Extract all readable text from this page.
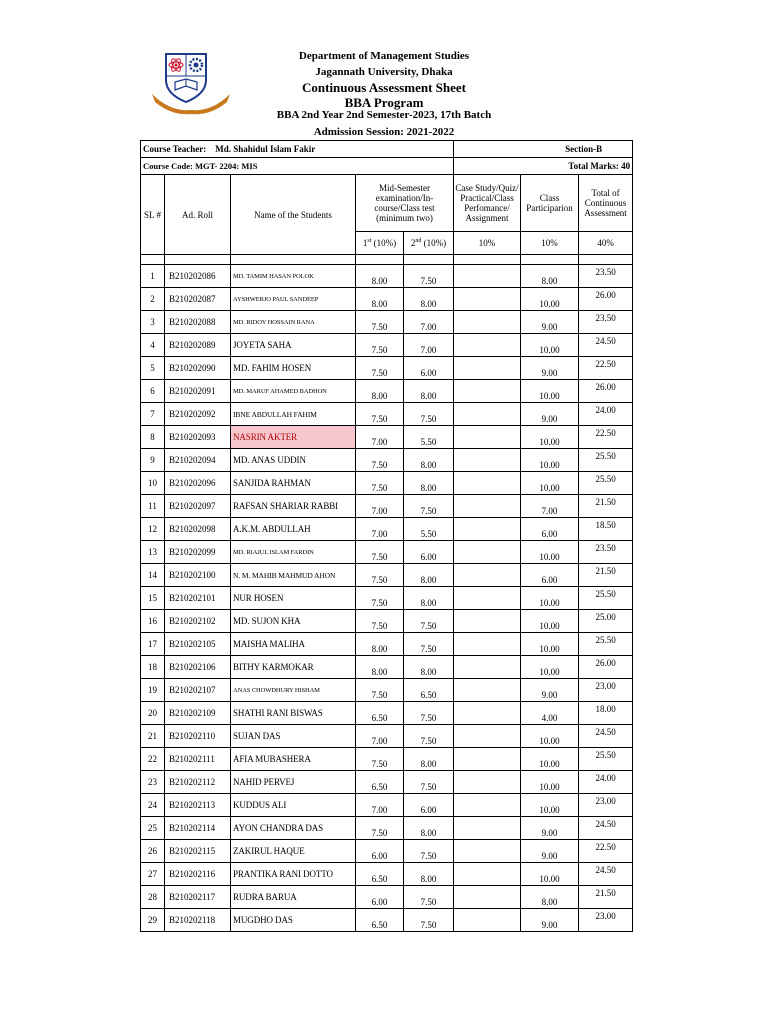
Department of Management Studies
Jagannath University, Dhaka
Continuous Assessment Sheet
BBA Program
BBA 2nd Year 2nd Semester-2023, 17th Batch
Admission Session: 2021-2022
Course Teacher: Md. Shahidul Islam Fakir					Section-B		
Course Code: MGT- 2204: MIS					Total Marks: 40		
SL #	Ad. Roll	Name of the Students	Mid-Semester examination/In-course/Class test (minimum two)		Case Study/Quiz/ Practical/Class Perfomance/ Assignment	Class Participarion	Total of Continuous Assessment
			1st (10%)	2nd (10%)	10%	10%	40%

1	B210202086	MD. TAMIM HASAN POLOK	8.00	7.50		8.00	23.50
2	B210202087	AYSHWERJO PAUL SANDEEP	8.00	8.00		10.00	26.00
3	B210202088	MD. RIDOY HOSSAIN RANA	7.50	7.00		9.00	23.50
4	B210202089	JOYETA SAHA	7.50	7.00		10.00	24.50
5	B210202090	MD. FAHIM HOSEN	7.50	6.00		9.00	22.50
6	B210202091	MD. MARUF AHAMED BADHON	8.00	8.00		10.00	26.00
7	B210202092	IBNE ABDULLAH FAHIM	7.50	7.50		9.00	24.00
8	B210202093	NASRIN AKTER	7.00	5.50		10.00	22.50
9	B210202094	MD. ANAS UDDIN	7.50	8.00		10.00	25.50
10	B210202096	SANJIDA RAHMAN	7.50	8.00		10.00	25.50
11	B210202097	RAFSAN SHARIAR RABBI	7.00	7.50		7.00	21.50
12	B210202098	A.K.M. ABDULLAH	7.00	5.50		6.00	18.50
13	B210202099	MD. RIAJUL ISLAM FARDIN	7.50	6.00		10.00	23.50
14	B210202100	N. M. MAHIB MAHMUD AHON	7.50	8.00		6.00	21.50
15	B210202101	NUR HOSEN	7.50	8.00		10.00	25.50
16	B210202102	MD. SUJON KHA	7.50	7.50		10.00	25.00
17	B210202105	MAISHA MALIHA	8.00	7.50		10.00	25.50
18	B210202106	BITHY KARMOKAR	8.00	8.00		10.00	26.00
19	B210202107	ANAS CHOWDHURY HISHAM	7.50	6.50		9.00	23.00
20	B210202109	SHATHI RANI BISWAS	6.50	7.50		4.00	18.00
21	B210202110	SUJAN DAS	7.00	7.50		10.00	24.50
22	B210202111	AFIA MUBASHERA	7.50	8.00		10.00	25.50
23	B210202112	NAHID PERVEJ	6.50	7.50		10.00	24.00
24	B210202113	KUDDUS ALI	7.00	6.00		10.00	23.00
25	B210202114	AYON CHANDRA DAS	7.50	8.00		9.00	24.50
26	B210202115	ZAKIRUL HAQUE	6.00	7.50		9.00	22.50
27	B210202116	PRANTIKA RANI DOTTO	6.50	8.00		10.00	24.50
28	B210202117	RUDRA BARUA	6.00	7.50		8.00	21.50
29	B210202118	MUGDHO DAS	6.50	7.50		9.00	23.00
